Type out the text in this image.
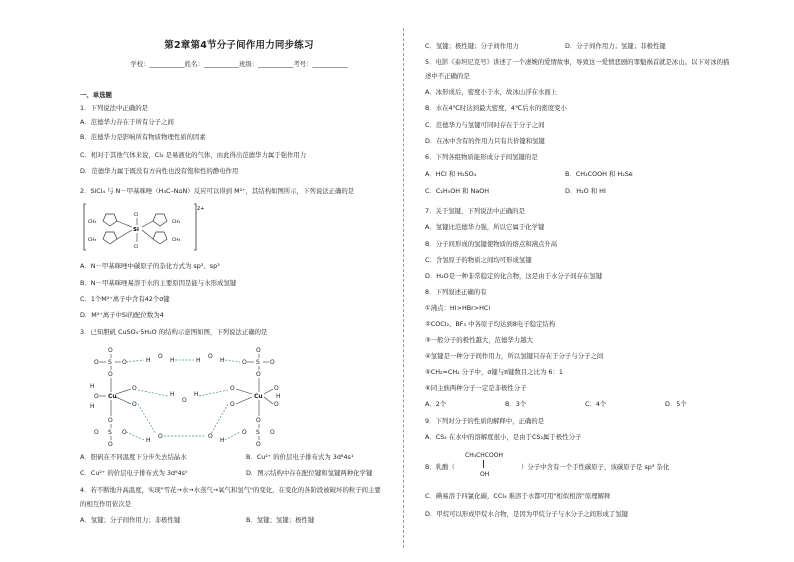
第2章第4节分子间作用力同步练习
学校：___________姓名：___________班级：___________考号：___________
一、单选题
1．下列说法中正确的是
A．范德华力存在于所有分子之间
B．范德华力是影响所有物质物理性质的因素
C．相对于其他气体来说，Cl₂ 是易液化的气体，由此得出范德华力属于强作用力
D．范德华力属于既没有方向性也没有饱和性的静电作用
2．SiCl₄ 与 N－甲基咪唑（H₃C–N⌂N）反应可以得到 M²⁺，其结构如图所示，下列说法正确的是
2+
CH₃
CH₃
CH₃
CH₃
Si
Cl
Cl
A．N－甲基咪唑中碳原子的杂化方式为 sp²、sp³
B．N－甲基咪唑易溶于水的主要原因是能与水形成氢键
C．1个M²⁺离子中含有42个σ键
D．M²⁺离子中Si的配位数为4
3．已知胆矾 CuSO₄·5H₂O 的结构示意图如图，下列说法正确的是
O
S
O	O
O
O
S
O	O
O
H
O
H	H
O
H
Cu	Cu
H
O
H
O
O
O
H
O
O
O
O
H	H
O
S
O	O
O
O
S
O	O
O
O
H
O
H
A．胆矾在不同温度下分步失去结晶水	B．Cu²⁺ 的价层电子排布式为 3d⁸4s¹
C．Cu²⁺ 的价层电子排布式为 3d⁹4s⁰	D．图示结构中存在配位键和氢键两种化学键
4．若不断地升高温度，实现"雪花→水→水蒸气→氧气和氢气"的变化，在变化的各阶段被破坏的粒子间主要
的相互作用依次是
A．氢键；分子间作用力；非极性键	B．氢键；氢键；极性键
C．氢键；极性键；分子间作用力	D．分子间作用力；氢键；非极性键
5．电影《泰坦尼克号》讲述了一个凄婉的爱情故事，导致这一爱情悲剧的罪魁祸首就是冰山。以下对冰的描
述中不正确的是
A．冰形成后，密度小于水，故冰山浮在水面上
B．水在4℃时达到最大密度，4℃后水的密度变小
C．范德华力与氢键可同时存在于分子之间
D．在冰中含有的作用力只有共价键和氢键
6．下列各组物质能形成分子间氢键的是
A．HCl 和 H₂SO₄	B．CH₃COOH 和 H₂Se
C．C₂H₅OH 和 NaOH	D．H₂O 和 HI
7．关于氢键，下列说法中正确的是
A．氢键比范德华力强，所以它属于化学键
B．分子间形成的氢键使物质的熔点和沸点升高
C．含氢原子的物质之间均可形成氢键
D．H₂O是一种非常稳定的化合物，这是由于水分子间存在氢键
8．下列叙述正确的有
①沸点：HI>HBr>HCl
②COCl₂、BF₃ 中各原子均达到8电子稳定结构
③一般分子的极性越大，范德华力越大
④氢键是一种分子间作用力，所以氢键只存在于分子与分子之间
⑤CH₂=CH₂ 分子中，σ键与π键数目之比为 6：1
⑥同主族两种分子一定是非极性分子
A．2个	B．3个	C．4个	D．5个
9．下列对分子的性质的解释中，正确的是
A．CS₂ 在水中的溶解度很小，是由于CS₂属于极性分子
B．乳酸（
CH₃CHCOOH
OH
）分子中含有一个手性碳原子，该碳原子是 sp³ 杂化
C．碘易溶于四氯化碳，CCl₄ 难溶于水都可用"相似相溶"原理解释
D．甲烷可以形成甲烷水合物，是因为甲烷分子与水分子之间形成了氢键
